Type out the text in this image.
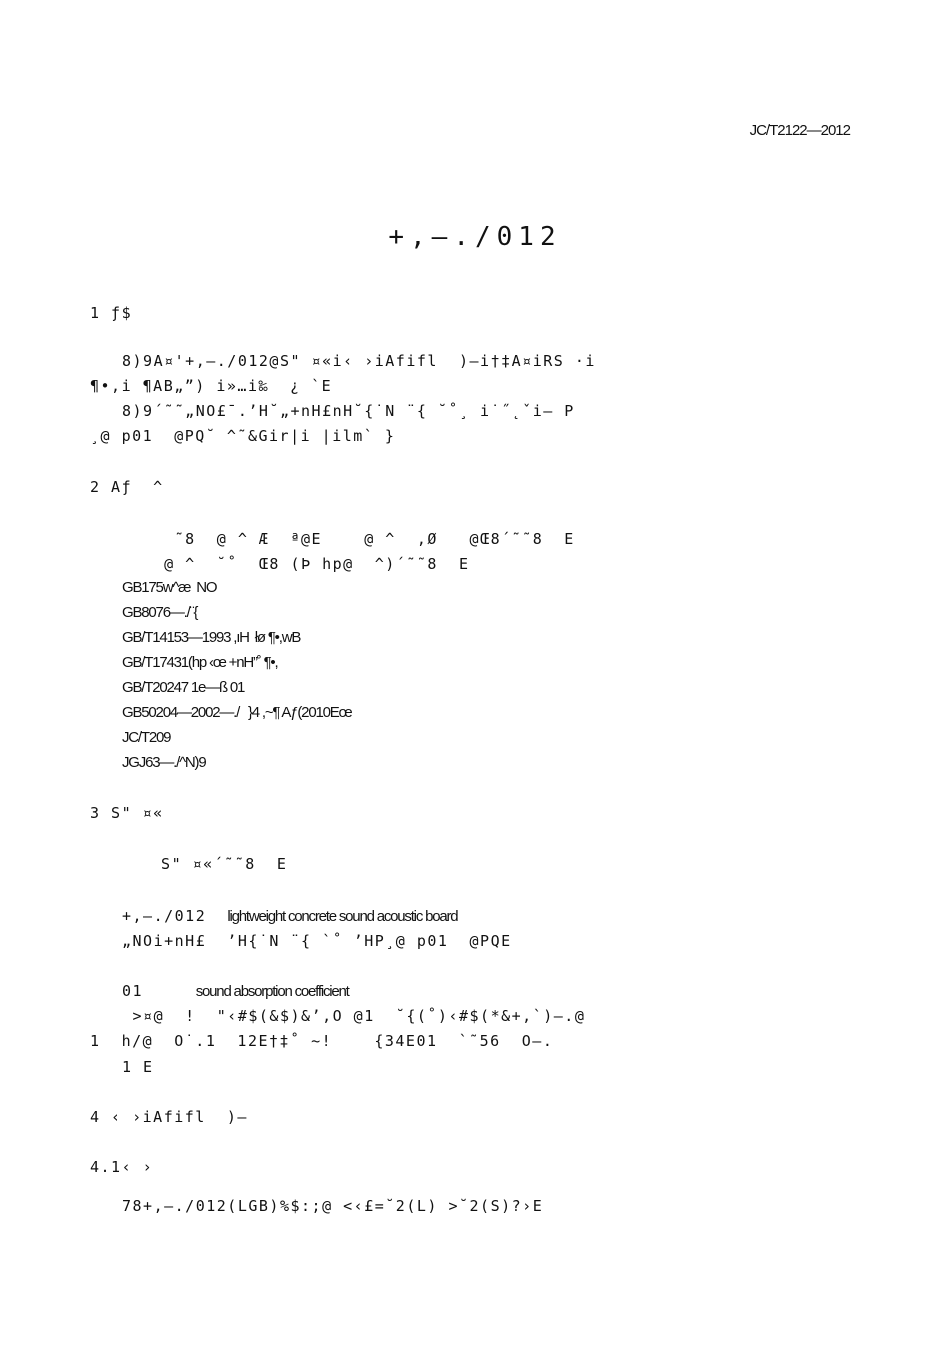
JC/T2122—2012
+,—./012
1 ƒ$
8)9A¤'+,—./012@S" ¤«i‹ ›iAfifl  )—i†‡A¤iRS ·i
¶•,i ¶AB„”) i»…i‰  ¿ `E
8)9´˜˜„NO£¯.’H˘„+nH£nH˘{˙N ¨{ ˘˚¸ i˙˝˛ˇi— P
¸@ p01  @PQ˘ ^˜&Gir|i |ilm` }
2 Aƒ  ^
˜8  @ ^ Æ  ª@E    @ ^  ,Ø   @Œ8´˜˜8  E
@ ^  ˘˚  Œ8 (Þ hp@  ^)´˜˜8  E
GB175w^æ  NO
GB8076—./¨{
GB/T14153—1993 ,ıH  łø ¶•,wB
GB/T17431(hp ‹œ +nH”˚ ¶•,
GB/T20247 1e—ß 01
GB50204—2002—./   }4 ,~¶ Aƒ(2010Eœ
JC/T209
JGJ63—./^N)9
3 S" ¤«
S" ¤«´˜˜8  E
+,—./012 lightweight concrete sound acoustic board
„NOi+nH£  ’H{˙N ¨{ `˚ ’HP¸@ p01  @PQE
01	sound absorption coefficient
>¤@  !  "‹#$(&$)&’,O @1  ˘{(˚)‹#$(*&+,`)—.@
1  h/@  O˙.1  12E†‡˚ ~!    {34E01  `˜56  O—.
1 E
4 ‹ ›iAfifl  )—
4.1‹ ›
78+,—./012(LGB)%$:;@ <‹£=˘2(L) >˘2(S)?›E
